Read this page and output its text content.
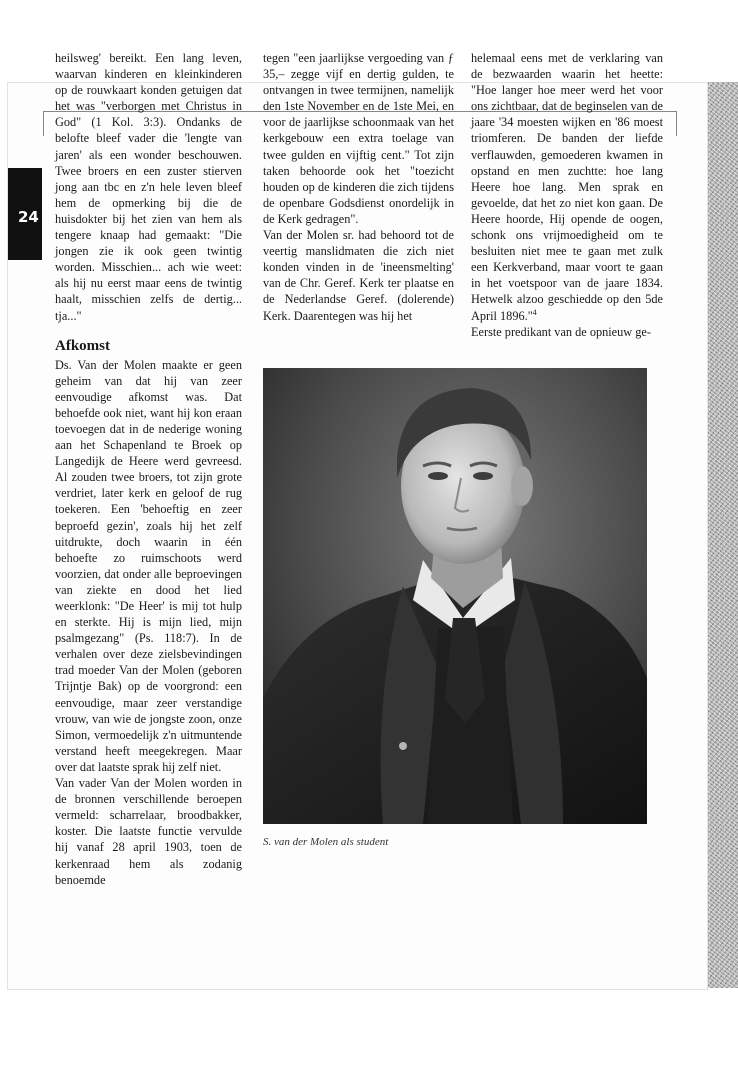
24

heilsweg' bereikt. Een lang leven, waarvan kinderen en kleinkinderen op de rouwkaart konden getuigen dat het was "verborgen met Christus in God" (1 Kol. 3:3). Ondanks de belofte bleef vader die 'lengte van jaren' als een wonder beschouwen. Twee broers en een zuster stierven jong aan tbc en z'n hele leven bleef hem de opmerking bij die de huisdokter bij het zien van hem als tengere knaap had gemaakt: "Die jongen zie ik ook geen twintig worden. Misschien... ach wie weet: als hij nu eerst maar eens de twintig haalt, misschien zelfs de dertig... tja..."

Afkomst

Ds. Van der Molen maakte er geen geheim van dat hij van zeer eenvoudige afkomst was. Dat behoefde ook niet, want hij kon eraan toevoegen dat in de nederige woning aan het Schapenland te Broek op Langedijk de Heere werd gevreesd. Al zouden twee broers, tot zijn grote verdriet, later kerk en geloof de rug toekeren. Een 'behoeftig en zeer beproefd gezin', zoals hij het zelf uitdrukte, doch waarin in één behoefte zo ruimschoots werd voorzien, dat onder alle beproevingen van ziekte en dood het lied weerklonk: "De Heer' is mij tot hulp en sterkte. Hij is mijn lied, mijn psalmgezang" (Ps. 118:7). In de verhalen over deze zielsbevindingen trad moeder Van der Molen (geboren Trijntje Bak) op de voorgrond: een eenvoudige, maar zeer verstandige vrouw, van wie de jongste zoon, onze Simon, vermoedelijk z'n uitmuntende verstand heeft meegekregen. Maar over dat laatste sprak hij zelf niet.

Van vader Van der Molen worden in de bronnen verschillende beroepen vermeld: scharrelaar, broodbakker, koster. Die laatste functie vervulde hij vanaf 28 april 1903, toen de kerkenraad hem als zodanig benoemde

tegen "een jaarlijkse vergoeding van ƒ 35,– zegge vijf en dertig gulden, te ontvangen in twee termijnen, namelijk den 1ste November en de 1ste Mei, en voor de jaarlijkse schoonmaak van het kerkgebouw een extra toelage van twee gulden en vijftig cent." Tot zijn taken behoorde ook het "toezicht houden op de kinderen die zich tijdens de openbare Godsdienst onordelijk in de Kerk gedragen".

Van der Molen sr. had behoord tot de veertig manslidmaten die zich niet konden vinden in de 'ineensmelting' van de Chr. Geref. Kerk ter plaatse en de Nederlandse Geref. (dolerende) Kerk. Daarentegen was hij het

helemaal eens met de verklaring van de bezwaarden waarin het heette: "Hoe langer hoe meer werd het voor ons zichtbaar, dat de beginselen van de jaare '34 moesten wijken en '86 moest triomferen. De banden der liefde verflauwden, gemoederen kwamen in opstand en men zuchtte: hoe lang Heere hoe lang. Men sprak en gevoelde, dat het zo niet kon gaan. De Heere hoorde, Hij opende de oogen, schonk ons vrijmoedigheid om te besluiten niet mee te gaan met zulk een Kerkverband, maar voort te gaan in het voetspoor van de jaare 1834. Hetwelk alzoo geschiedde op den 5de April 1896."$^4$

Eerste predikant van de opnieuw ge-

S. van der Molen als student
